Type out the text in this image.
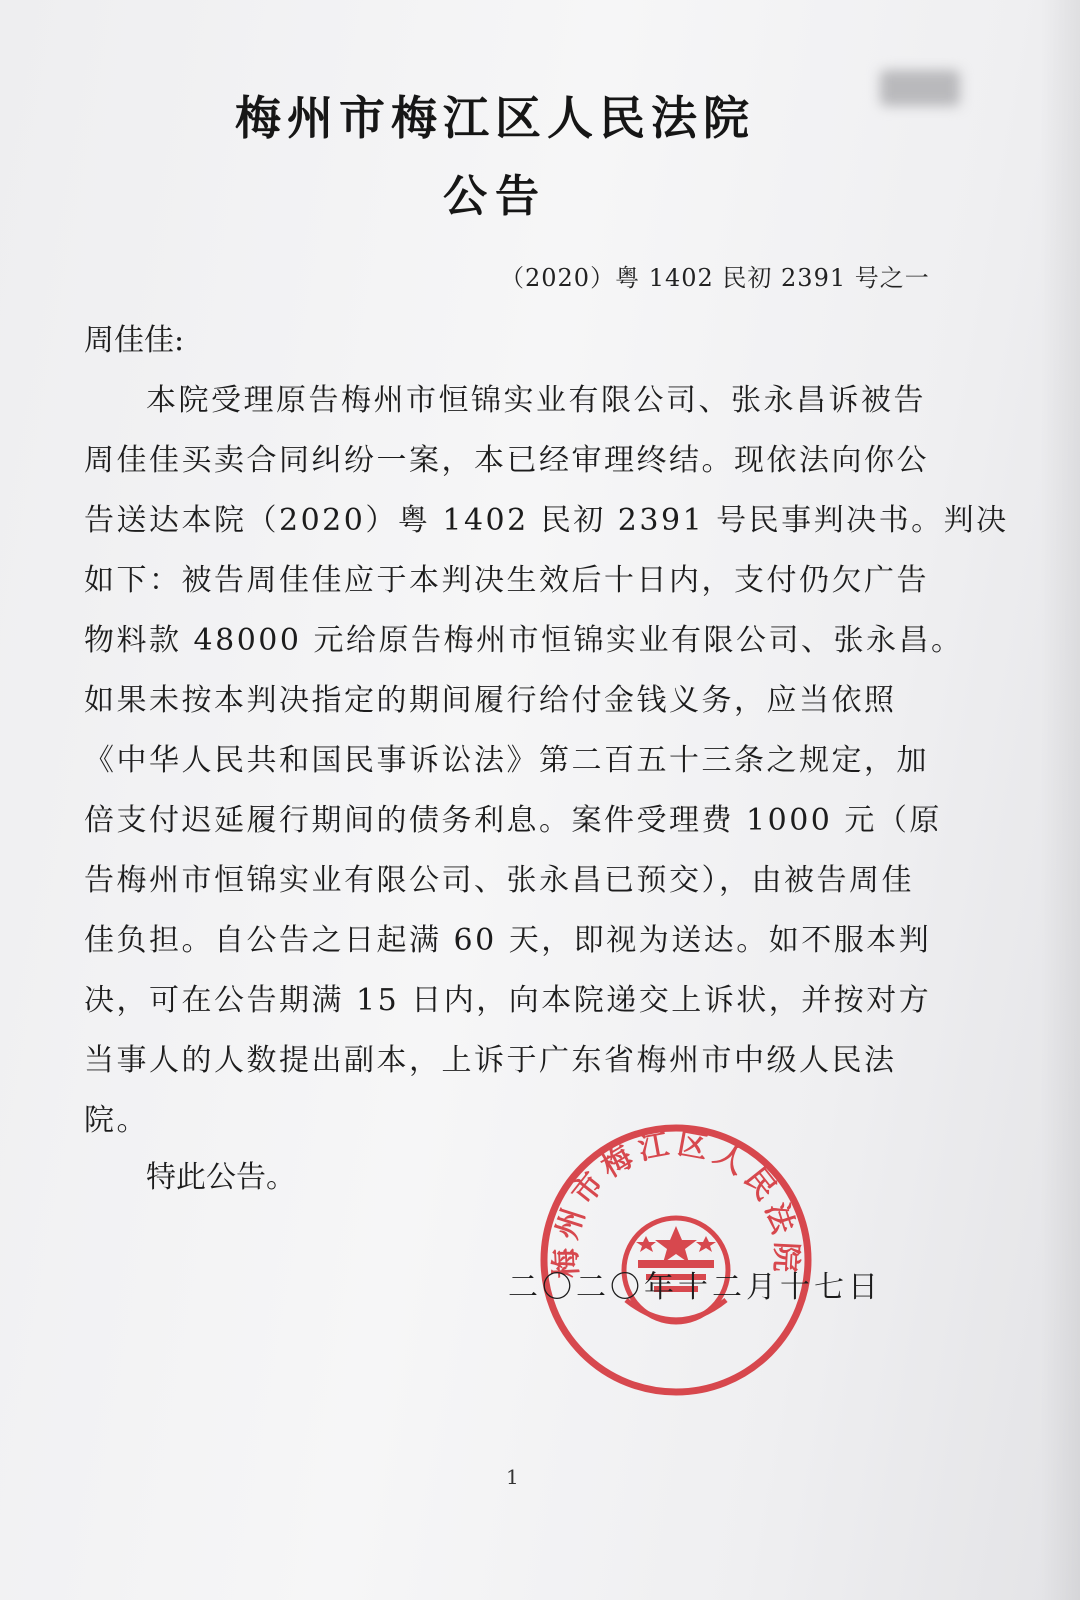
梅州市梅江区人民法院
公告
（2020）粤 1402 民初 2391 号之一
周佳佳:
本院受理原告梅州市恒锦实业有限公司、张永昌诉被告
周佳佳买卖合同纠纷一案，本已经审理终结。现依法向你公
告送达本院（2020）粤 1402 民初 2391 号民事判决书。判决
如下：被告周佳佳应于本判决生效后十日内，支付仍欠广告
物料款 48000 元给原告梅州市恒锦实业有限公司、张永昌。
如果未按本判决指定的期间履行给付金钱义务，应当依照
《中华人民共和国民事诉讼法》第二百五十三条之规定，加
倍支付迟延履行期间的债务利息。案件受理费 1000 元（原
告梅州市恒锦实业有限公司、张永昌已预交），由被告周佳
佳负担。自公告之日起满 60 天，即视为送达。如不服本判
决，可在公告期满 15 日内，向本院递交上诉状，并按对方
当事人的人数提出副本，上诉于广东省梅州市中级人民法
院。
特此公告。
梅州市梅江区人民法院
二〇二〇年十二月十七日
1
